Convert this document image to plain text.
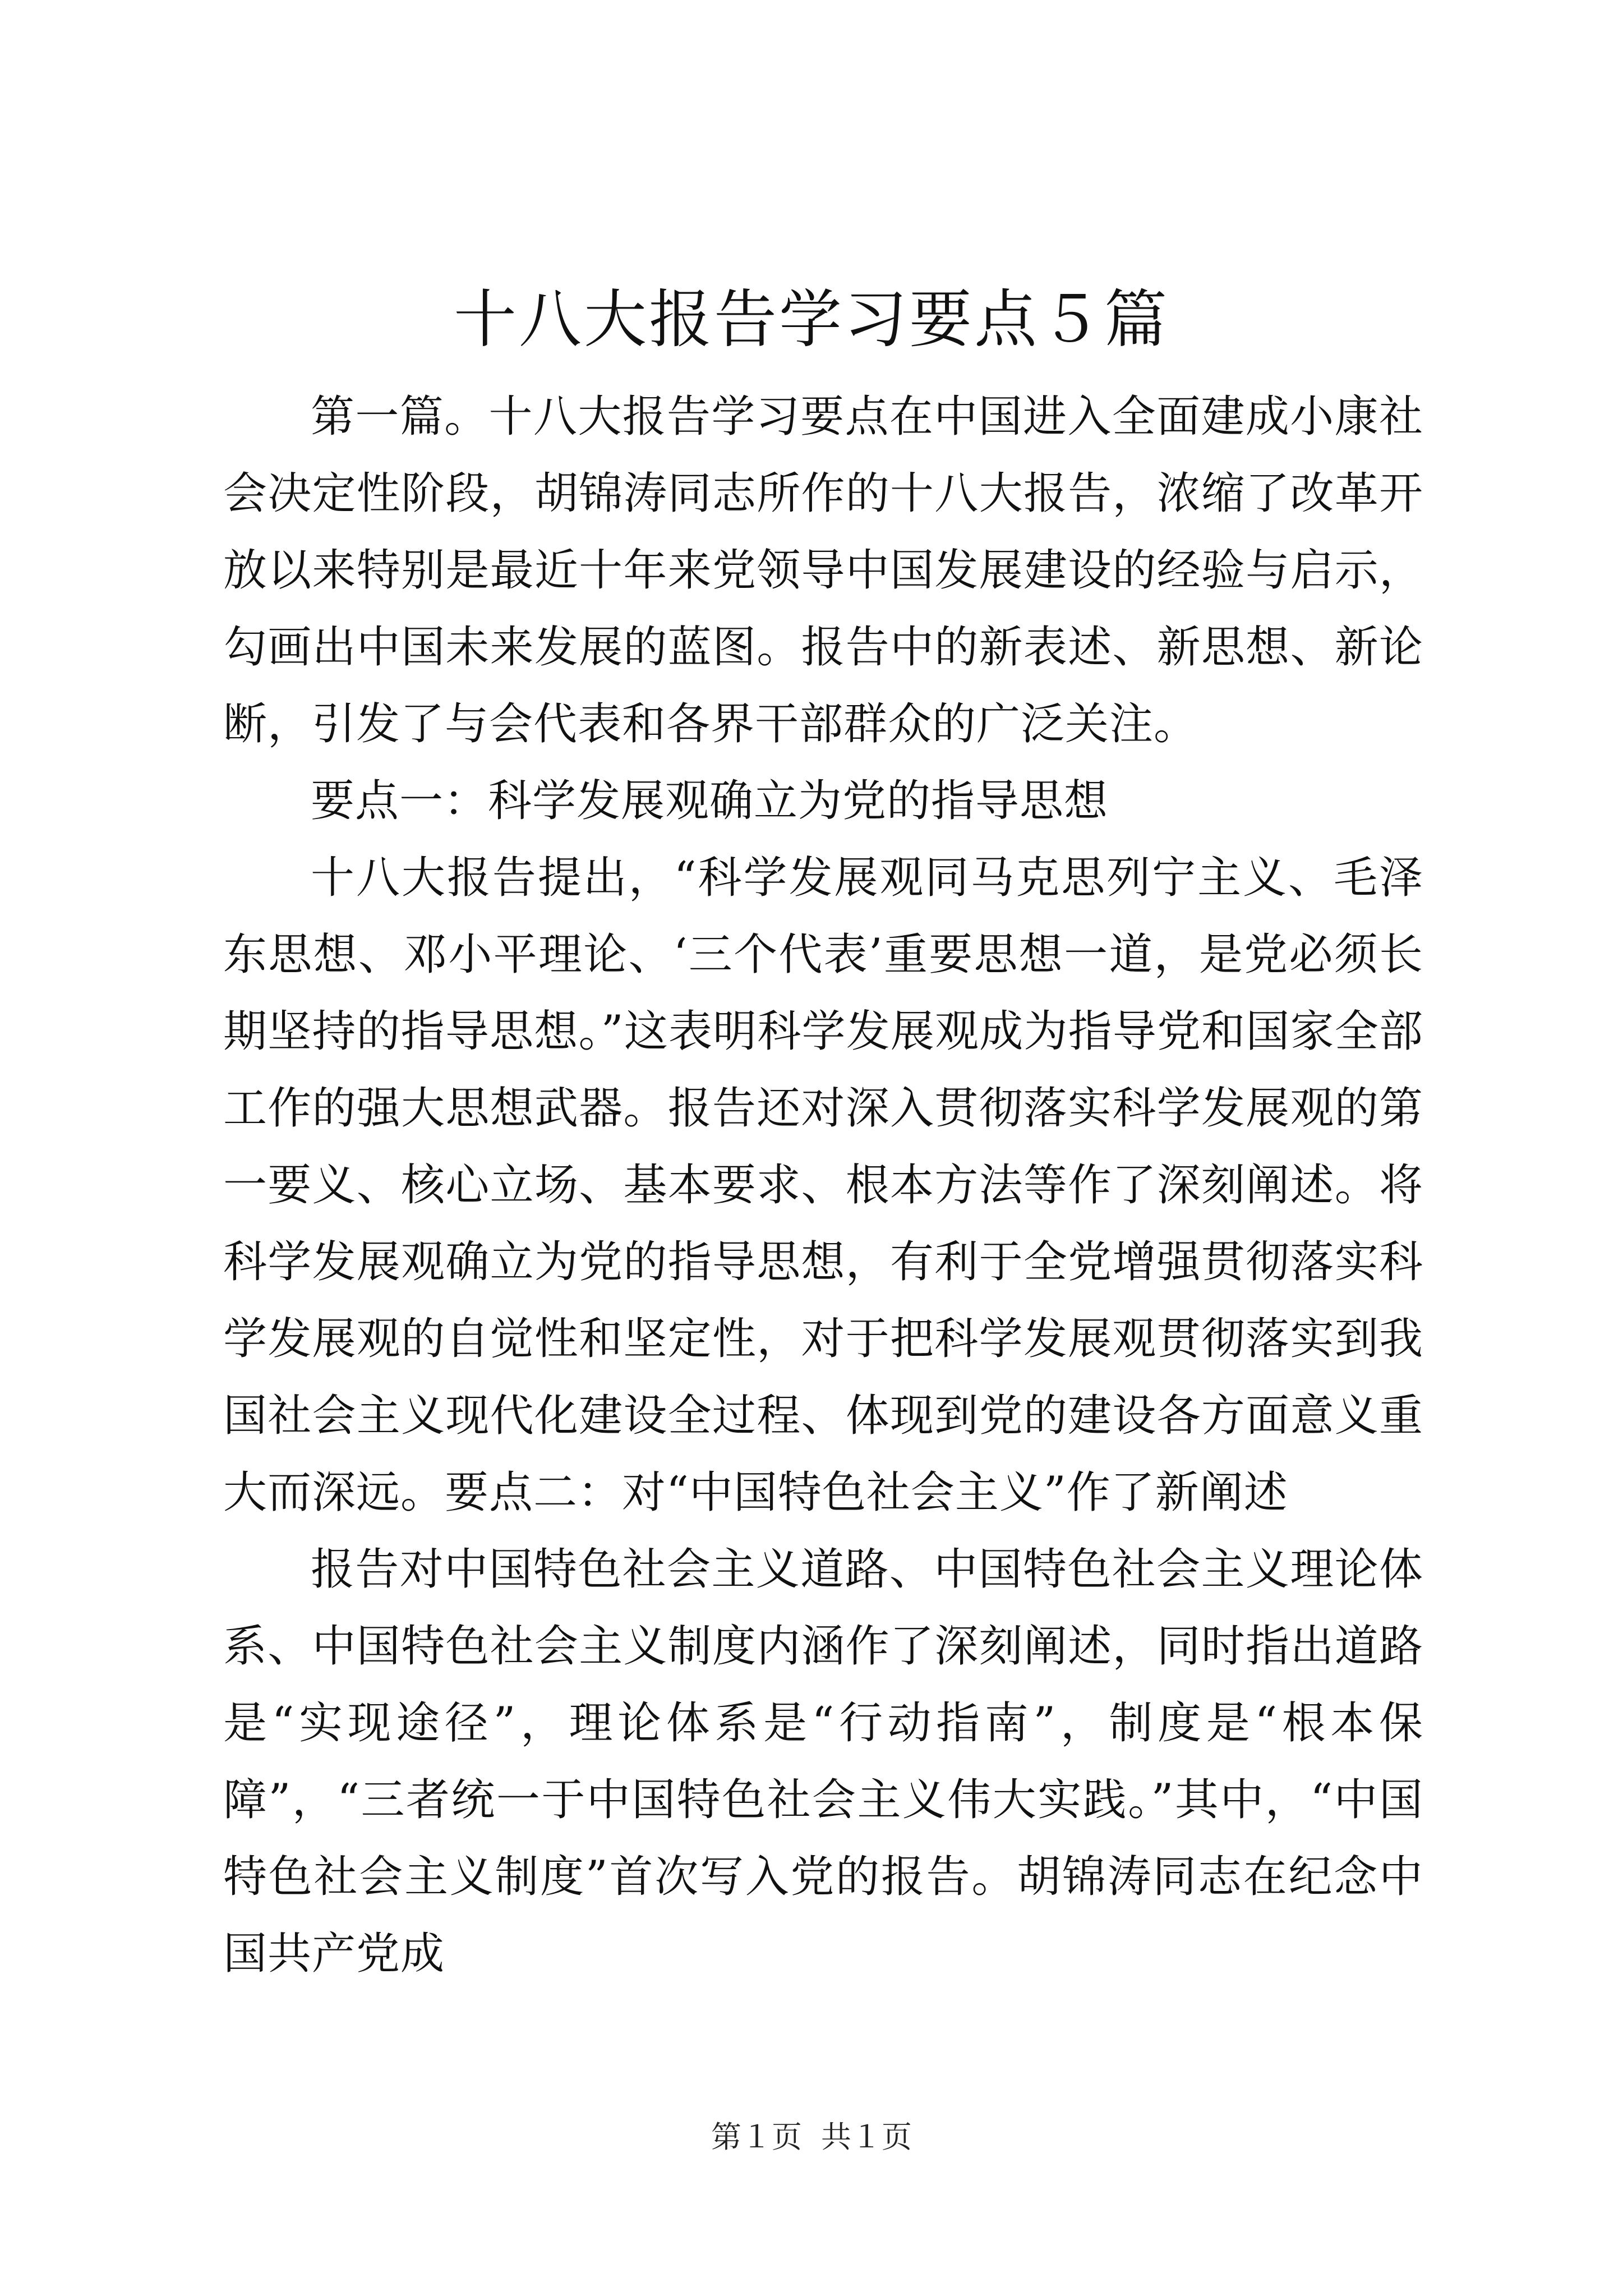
十八大报告学习要点５篇

第一篇。十八大报告学习要点在中国进入全面建成小康社会决定性阶段，胡锦涛同志所作的十八大报告，浓缩了改革开放以来特别是最近十年来党领导中国发展建设的经验与启示，勾画出中国未来发展的蓝图。报告中的新表述、新思想、新论断，引发了与会代表和各界干部群众的广泛关注。

要点一：科学发展观确立为党的指导思想

十八大报告提出，“科学发展观同马克思列宁主义、毛泽东思想、邓小平理论、‘三个代表’重要思想一道，是党必须长期坚持的指导思想。”这表明科学发展观成为指导党和国家全部工作的强大思想武器。报告还对深入贯彻落实科学发展观的第一要义、核心立场、基本要求、根本方法等作了深刻阐述。将科学发展观确立为党的指导思想，有利于全党增强贯彻落实科学发展观的自觉性和坚定性，对于把科学发展观贯彻落实到我国社会主义现代化建设全过程、体现到党的建设各方面意义重大而深远。要点二：对“中国特色社会主义”作了新阐述

报告对中国特色社会主义道路、中国特色社会主义理论体系、中国特色社会主义制度内涵作了深刻阐述，同时指出道路是“实现途径”，理论体系是“行动指南”，制度是“根本保障”，“三者统一于中国特色社会主义伟大实践。”其中，“中国特色社会主义制度”首次写入党的报告。胡锦涛同志在纪念中国共产党成

第１页 共１页
